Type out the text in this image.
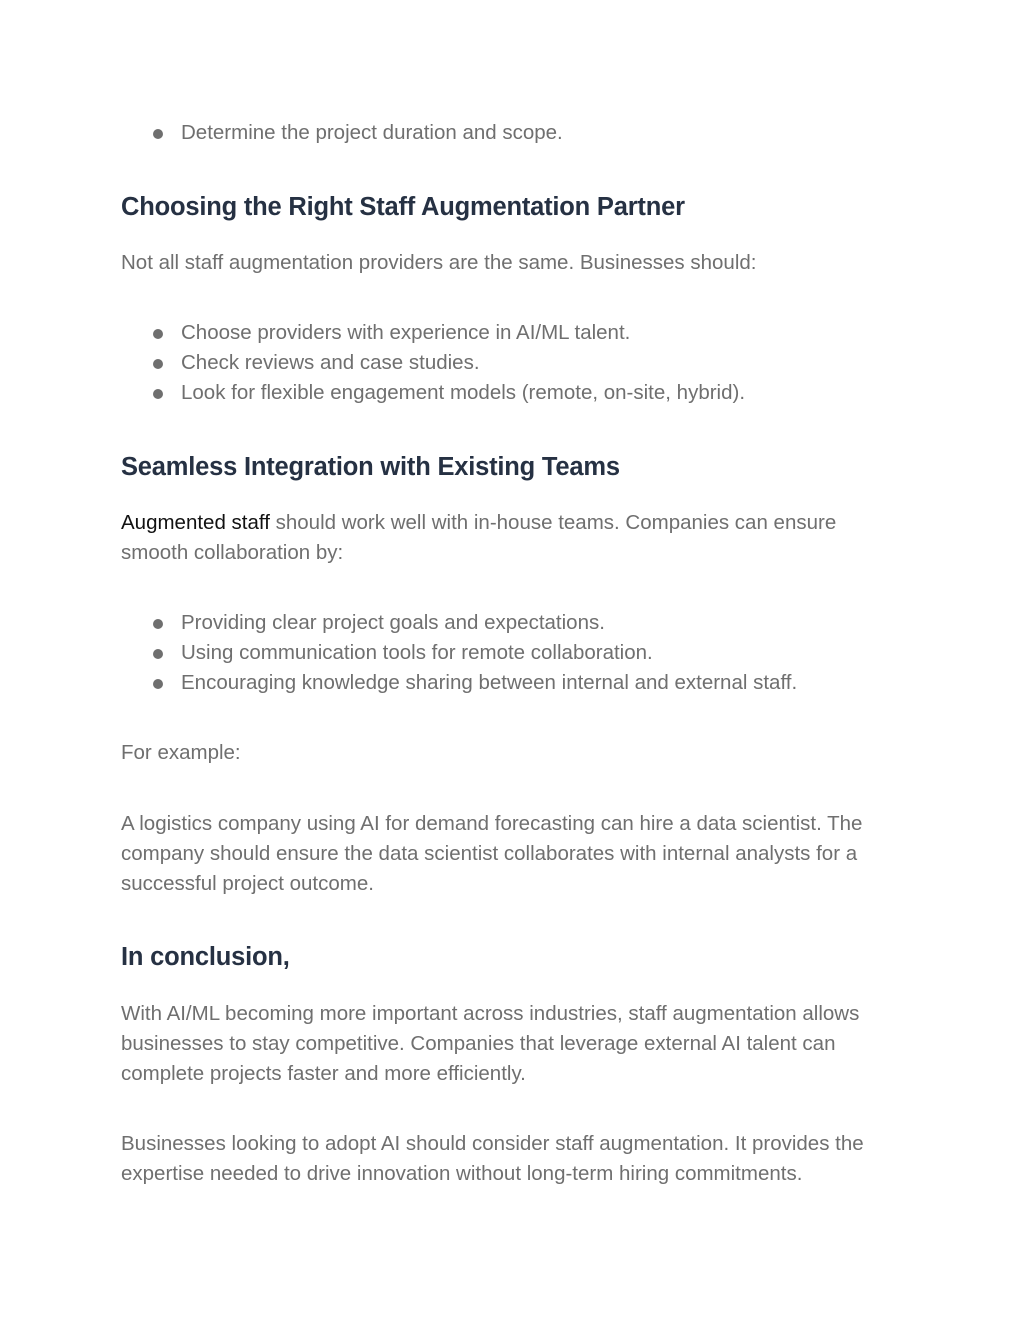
Determine the project duration and scope.
Choosing the Right Staff Augmentation Partner

Not all staff augmentation providers are the same. Businesses should:

Choose providers with experience in AI/ML talent.
Check reviews and case studies.
Look for flexible engagement models (remote, on-site, hybrid).
Seamless Integration with Existing Teams

Augmented staff should work well with in-house teams. Companies can ensure smooth collaboration by:

Providing clear project goals and expectations.
Using communication tools for remote collaboration.
Encouraging knowledge sharing between internal and external staff.

For example:

A logistics company using AI for demand forecasting can hire a data scientist. The company should ensure the data scientist collaborates with internal analysts for a successful project outcome.

In conclusion,

With AI/ML becoming more important across industries, staff augmentation allows businesses to stay competitive. Companies that leverage external AI talent can complete projects faster and more efficiently.

Businesses looking to adopt AI should consider staff augmentation. It provides the expertise needed to drive innovation without long-term hiring commitments.
